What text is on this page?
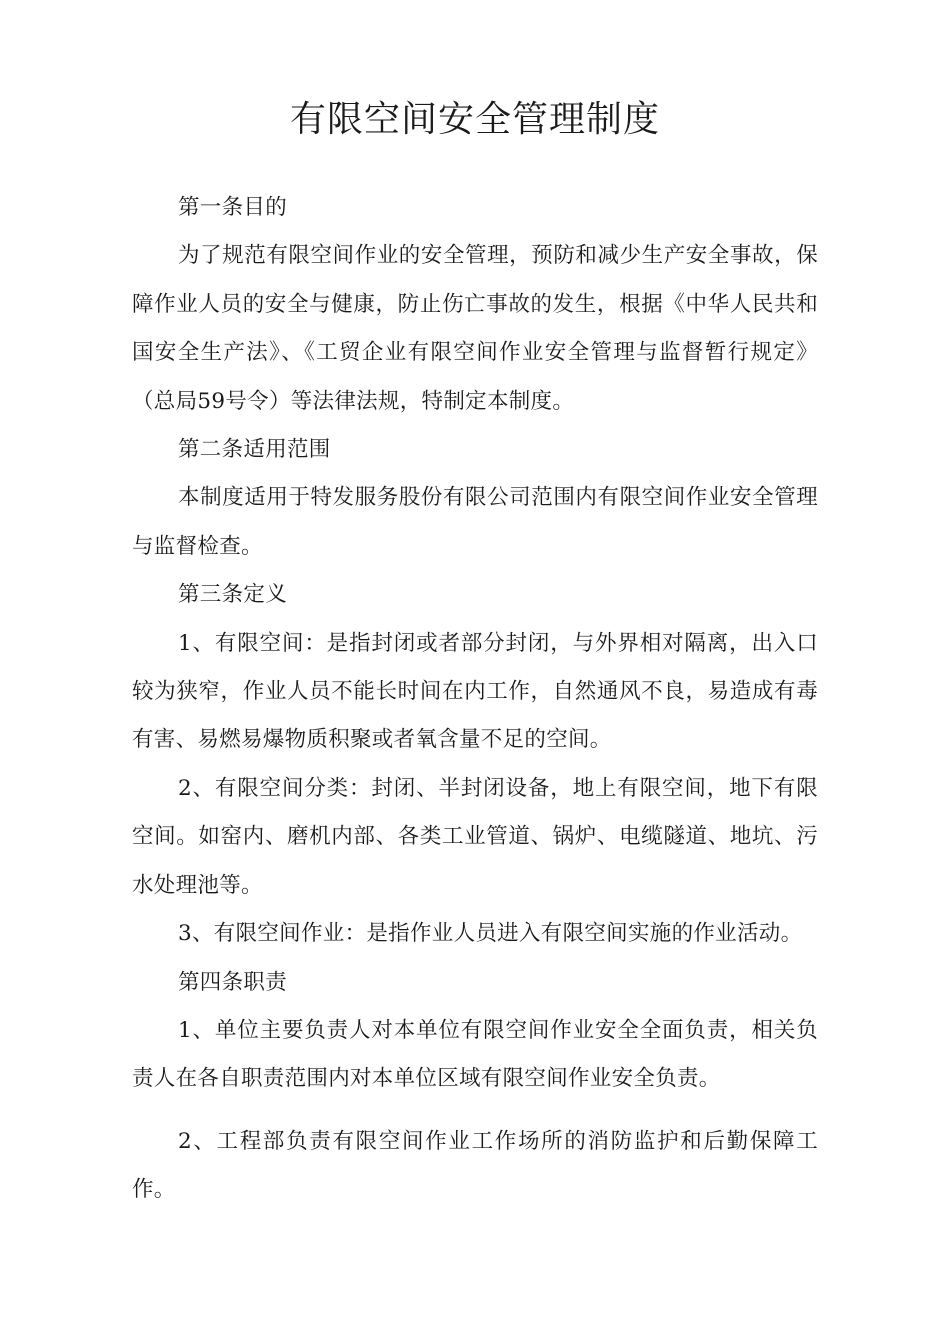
有限空间安全管理制度

第一条目的

为了规范有限空间作业的安全管理，预防和减少生产安全事故，保障作业人员的安全与健康，防止伤亡事故的发生，根据《中华人民共和国安全生产法》、《工贸企业有限空间作业安全管理与监督暂行规定》（总局59号令）等法律法规，特制定本制度。

第二条适用范围

本制度适用于特发服务股份有限公司范围内有限空间作业安全管理与监督检查。

第三条定义

1、有限空间：是指封闭或者部分封闭，与外界相对隔离，出入口较为狭窄，作业人员不能长时间在内工作，自然通风不良，易造成有毒有害、易燃易爆物质积聚或者氧含量不足的空间。

2、有限空间分类：封闭、半封闭设备，地上有限空间，地下有限空间。如窑内、磨机内部、各类工业管道、锅炉、电缆隧道、地坑、污水处理池等。

3、有限空间作业：是指作业人员进入有限空间实施的作业活动。

第四条职责

1、单位主要负责人对本单位有限空间作业安全全面负责，相关负责人在各自职责范围内对本单位区域有限空间作业安全负责。

2、工程部负责有限空间作业工作场所的消防监护和后勤保障工作。
